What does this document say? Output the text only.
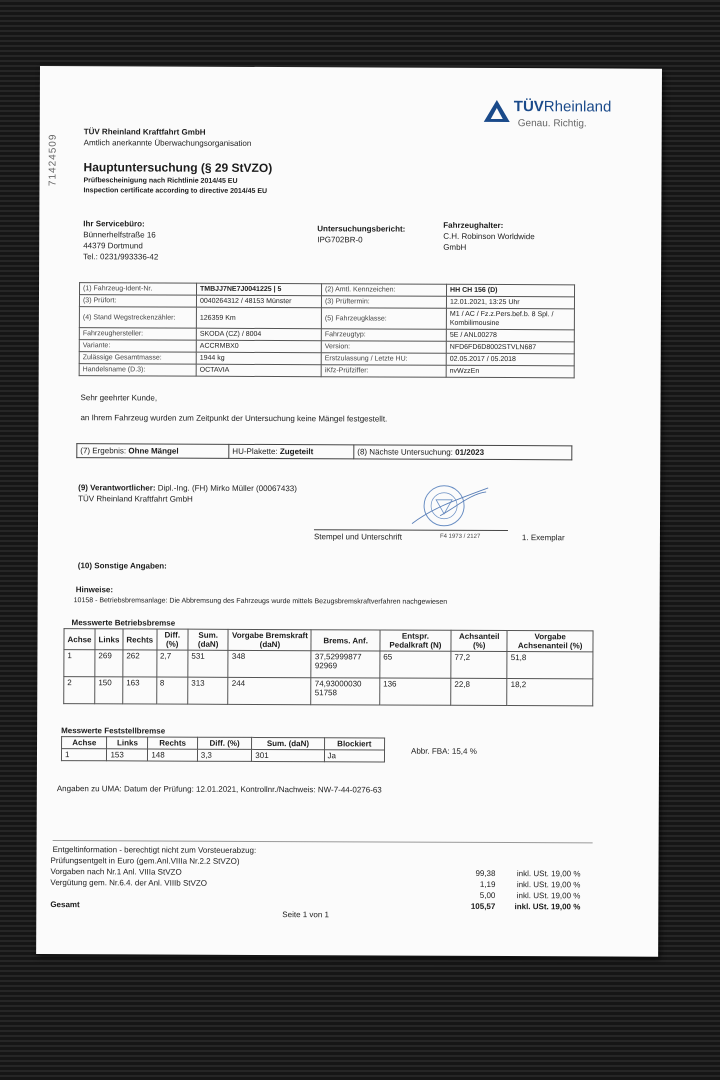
71424509
TÜVRheinland
Genau. Richtig.
TÜV Rheinland Kraftfahrt GmbH
Amtlich anerkannte Überwachungsorganisation
Hauptuntersuchung (§ 29 StVZO)
Prüfbescheinigung nach Richtlinie 2014/45 EU
Inspection certificate according to directive 2014/45 EU
Ihr Servicebüro:
Bünnerhelfstraße 16
44379 Dortmund
Tel.: 0231/993336-42
Untersuchungsbericht:
IPG702BR-0
Fahrzeughalter:
C.H. Robinson Worldwide
GmbH
(1) Fahrzeug-Ident-Nr.	TMBJJ7NE7J0041225 | 5	(2) Amtl. Kennzeichen:	HH CH 156 (D)
(3) Prüfort:	0040264312 / 48153 Münster	(3) Prüftermin:	12.01.2021, 13:25 Uhr
(4) Stand Wegstreckenzähler:	126359 Km	(5) Fahrzeugklasse:	M1 / AC / Fz.z.Pers.bef.b. 8 Spl. / Kombilimousine
Fahrzeughersteller:	SKODA (CZ) / 8004	Fahrzeugtyp:	5E / ANL00278
Variante:	ACCRMBX0	Version:	NFD6FD6D8002STVLN687
Zulässige Gesamtmasse:	1944 kg	Erstzulassung / Letzte HU:	02.05.2017 / 05.2018
Handelsname (D.3):	OCTAVIA	iKfz-Prüfziffer:	nvWzzEn
Sehr geehrter Kunde,
an Ihrem Fahrzeug wurden zum Zeitpunkt der Untersuchung keine Mängel festgestellt.
(7) Ergebnis: Ohne Mängel	HU-Plakette: Zugeteilt	(8) Nächste Untersuchung: 01/2023
(9) Verantwortlicher: Dipl.-Ing. (FH) Mirko Müller (00067433)
TÜV Rheinland Kraftfahrt GmbH
Stempel und Unterschrift	F4 1973 / 2127	1. Exemplar
(10) Sonstige Angaben:
Hinweise:
10158 - Betriebsbremsanlage: Die Abbremsung des Fahrzeugs wurde mittels Bezugsbremskraftverfahren nachgewiesen
Messwerte Betriebsbremse
Achse	Links	Rechts	Diff. (%)	Sum. (daN)	Vorgabe Bremskraft (daN)	Brems. Anf.	Entspr. Pedalkraft (N)	Achsanteil (%)	Vorgabe Achsenanteil (%)
1	269	262	2,7	531	348	37,52999877 92969	65	77,2	51,8
2	150	163	8	313	244	74,93000030 51758	136	22,8	18,2
Messwerte Feststellbremse
Achse	Links	Rechts	Diff. (%)	Sum. (daN)	Blockiert
1	153	148	3,3	301	Ja	Abbr. FBA: 15,4 %
Angaben zu UMA: Datum der Prüfung: 12.01.2021, Kontrollnr./Nachweis: NW-7-44-0276-63
Entgeltinformation - berechtigt nicht zum Vorsteuerabzug:
Prüfungsentgelt in Euro (gem.Anl.VIIIa Nr.2.2 StVZO)
Vorgaben nach Nr.1 Anl. VIIIa StVZO	99,38	inkl. USt. 19,00 %
Vergütung gem. Nr.6.4. der Anl. VIIIb StVZO	1,19	inkl. USt. 19,00 %
5,00	inkl. USt. 19,00 %
Gesamt	105,57 inkl. USt. 19,00 %
Seite 1 von 1
